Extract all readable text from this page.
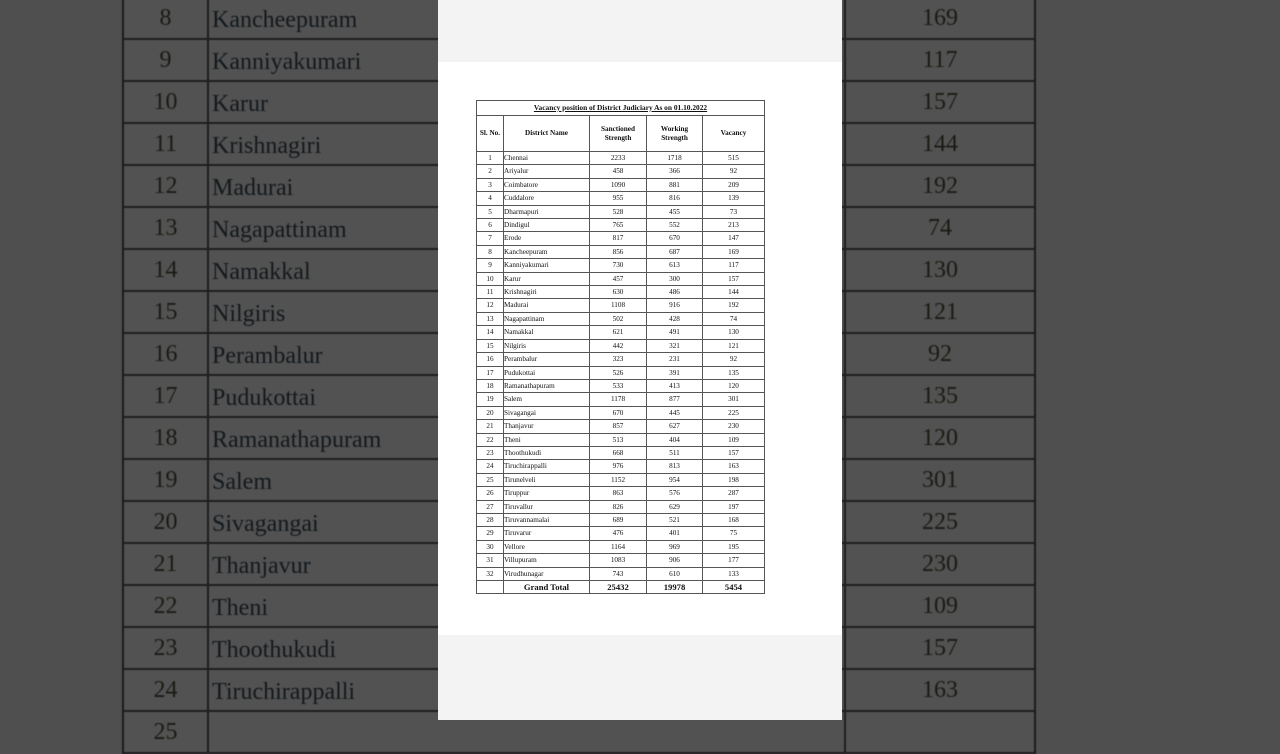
8	Kancheepuram	169
9	Kanniyakumari	117
10	Karur	157
11	Krishnagiri	144
12	Madurai	192
13	Nagapattinam	74
14	Namakkal	130
15	Nilgiris	121
16	Perambalur	92
17	Pudukottai	135
18	Ramanathapuram	120
19	Salem	301
20	Sivagangai	225
21	Thanjavur	230
22	Theni	109
23	Thoothukudi	157
24	Tiruchirappalli	163
25
Vacancy position of District Judiciary As on 01.10.2022				
Sl. No.	District Name	Sanctioned Strength	Working Strength	Vacancy
1	Chennai	2233	1718	515
2	Ariyalur	458	366	92
3	Coimbatore	1090	881	209
4	Cuddalore	955	816	139
5	Dharmapuri	528	455	73
6	Dindigul	765	552	213
7	Erode	817	670	147
8	Kancheepuram	856	687	169
9	Kanniyakumari	730	613	117
10	Karur	457	300	157
11	Krishnagiri	630	486	144
12	Madurai	1108	916	192
13	Nagapattinam	502	428	74
14	Namakkal	621	491	130
15	Nilgiris	442	321	121
16	Perambalur	323	231	92
17	Pudukottai	526	391	135
18	Ramanathapuram	533	413	120
19	Salem	1178	877	301
20	Sivagangai	670	445	225
21	Thanjavur	857	627	230
22	Theni	513	404	109
23	Thoothukudi	668	511	157
24	Tiruchirappalli	976	813	163
25	Tirunelveli	1152	954	198
26	Tiruppur	863	576	287
27	Tiruvallur	826	629	197
28	Tiruvannamalai	689	521	168
29	Tiruvarur	476	401	75
30	Vellore	1164	969	195
31	Villupuram	1083	906	177
32	Virudhunagar	743	610	133
	Grand Total	25432	19978	5454
